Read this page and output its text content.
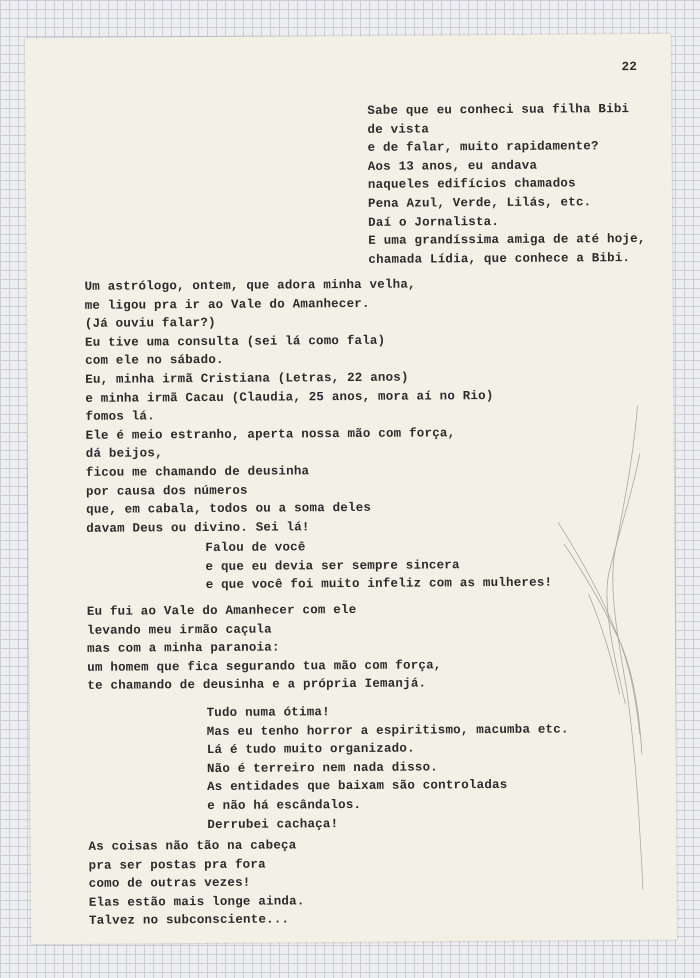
22
Sabe que eu conheci sua filha Bibi
de vista
e de falar, muito rapidamente?
Aos 13 anos, eu andava
naqueles edifícios chamados
Pena Azul, Verde, Lilás, etc.
Daí o Jornalista.
E uma grandíssima amiga de até hoje,
chamada Lídia, que conhece a Bibi.
Um astrólogo, ontem, que adora minha velha,
me ligou pra ir ao Vale do Amanhecer.
(Já ouviu falar?)
Eu tive uma consulta (sei lá como fala)
com ele no sábado.
Eu, minha irmã Cristiana (Letras, 22 anos)
e minha irmã Cacau (Claudia, 25 anos, mora aí no Rio)
fomos lá.
Ele é meio estranho, aperta nossa mão com força,
dá beijos,
ficou me chamando de deusinha
por causa dos números
que, em cabala, todos ou a soma deles
davam Deus ou divino. Sei lá!
Falou de você
e que eu devia ser sempre sincera
e que você foi muito infeliz com as mulheres!
Eu fui ao Vale do Amanhecer com ele
levando meu irmão caçula
mas com a minha paranoia:
um homem que fica segurando tua mão com força,
te chamando de deusinha e a própria Iemanjá.
Tudo numa ótima!
Mas eu tenho horror a espiritismo, macumba etc.
Lá é tudo muito organizado.
Não é terreiro nem nada disso.
As entidades que baixam são controladas
e não há escândalos.
Derrubei cachaça!
As coisas não tão na cabeça
pra ser postas pra fora
como de outras vezes!
Elas estão mais longe ainda.
Talvez no subconsciente...
